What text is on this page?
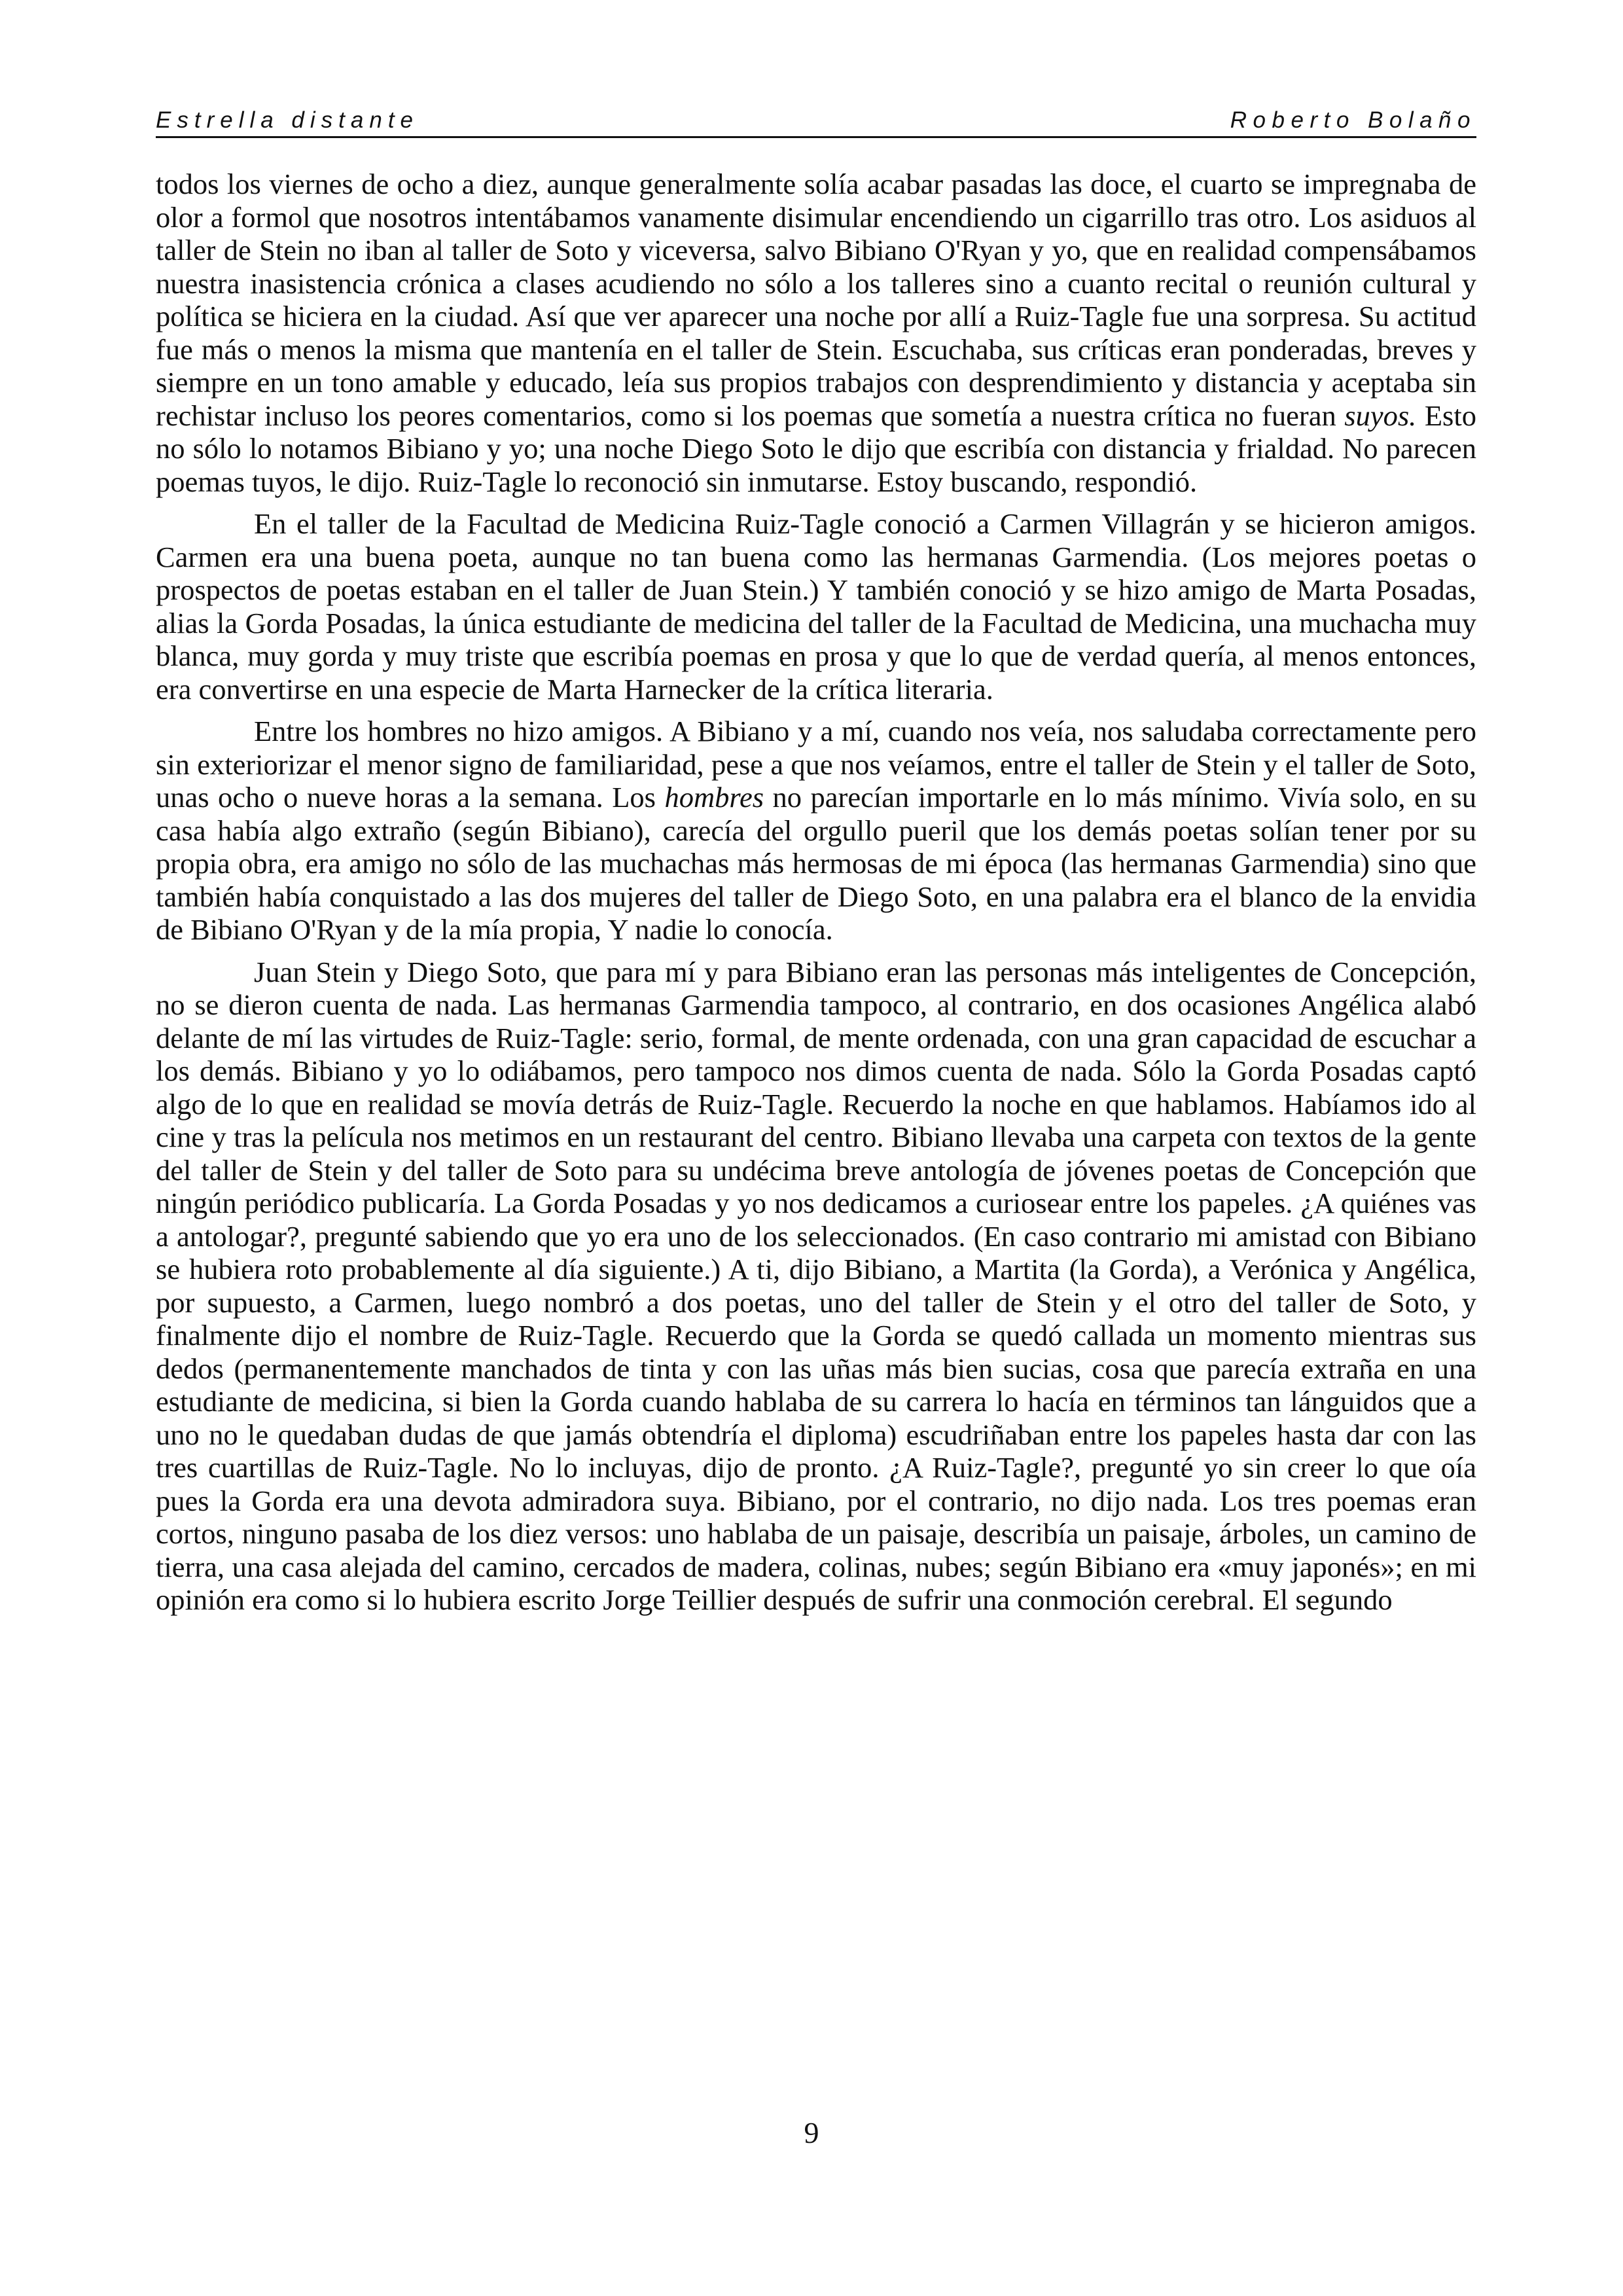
Estrella distante	Roberto Bolaño

todos los viernes de ocho a diez, aunque generalmente solía acabar pasadas las doce, el cuarto se impregnaba de olor a formol que nosotros intentábamos vanamente disimular encendiendo un cigarrillo tras otro. Los asiduos al taller de Stein no iban al taller de Soto y viceversa, salvo Bibiano O'Ryan y yo, que en realidad compensábamos nuestra inasistencia crónica a clases acudiendo no sólo a los talleres sino a cuanto recital o reunión cultural y política se hiciera en la ciudad. Así que ver aparecer una noche por allí a Ruiz-Tagle fue una sorpresa. Su actitud fue más o menos la misma que mantenía en el taller de Stein. Escuchaba, sus críticas eran ponderadas, breves y siempre en un tono amable y educado, leía sus propios trabajos con desprendimiento y distancia y aceptaba sin rechistar incluso los peores comentarios, como si los poemas que sometía a nuestra crítica no fueran suyos. Esto no sólo lo notamos Bibiano y yo; una noche Diego Soto le dijo que escribía con distancia y frialdad. No parecen poemas tuyos, le dijo. Ruiz-Tagle lo reconoció sin inmutarse. Estoy buscando, respondió.

En el taller de la Facultad de Medicina Ruiz-Tagle conoció a Carmen Villagrán y se hicieron amigos. Carmen era una buena poeta, aunque no tan buena como las hermanas Garmendia. (Los mejores poetas o prospectos de poetas estaban en el taller de Juan Stein.) Y también conoció y se hizo amigo de Marta Posadas, alias la Gorda Posadas, la única estudiante de medicina del taller de la Facultad de Medicina, una muchacha muy blanca, muy gorda y muy triste que escribía poemas en prosa y que lo que de verdad quería, al menos entonces, era convertirse en una especie de Marta Harnecker de la crítica literaria.

Entre los hombres no hizo amigos. A Bibiano y a mí, cuando nos veía, nos saludaba correctamente pero sin exteriorizar el menor signo de familiaridad, pese a que nos veíamos, entre el taller de Stein y el taller de Soto, unas ocho o nueve horas a la semana. Los hombres no parecían importarle en lo más mínimo. Vivía solo, en su casa había algo extraño (según Bibiano), carecía del orgullo pueril que los demás poetas solían tener por su propia obra, era amigo no sólo de las muchachas más hermosas de mi época (las hermanas Garmendia) sino que también había conquistado a las dos mujeres del taller de Diego Soto, en una palabra era el blanco de la envidia de Bibiano O'Ryan y de la mía propia, Y nadie lo conocía.

Juan Stein y Diego Soto, que para mí y para Bibiano eran las personas más inteligentes de Concepción, no se dieron cuenta de nada. Las hermanas Garmendia tampoco, al contrario, en dos ocasiones Angélica alabó delante de mí las virtudes de Ruiz-Tagle: serio, formal, de mente ordenada, con una gran capacidad de escuchar a los demás. Bibiano y yo lo odiábamos, pero tampoco nos dimos cuenta de nada. Sólo la Gorda Posadas captó algo de lo que en realidad se movía detrás de Ruiz-Tagle. Recuerdo la noche en que hablamos. Habíamos ido al cine y tras la película nos metimos en un restaurant del centro. Bibiano llevaba una carpeta con textos de la gente del taller de Stein y del taller de Soto para su undécima breve antología de jóvenes poetas de Concepción que ningún periódico publicaría. La Gorda Posadas y yo nos dedicamos a curiosear entre los papeles. ¿A quiénes vas a antologar?, pregunté sabiendo que yo era uno de los seleccionados. (En caso contrario mi amistad con Bibiano se hubiera roto probablemente al día siguiente.) A ti, dijo Bibiano, a Martita (la Gorda), a Verónica y Angélica, por supuesto, a Carmen, luego nombró a dos poetas, uno del taller de Stein y el otro del taller de Soto, y finalmente dijo el nombre de Ruiz-Tagle. Recuerdo que la Gorda se quedó callada un momento mientras sus dedos (permanentemente manchados de tinta y con las uñas más bien sucias, cosa que parecía extraña en una estudiante de medicina, si bien la Gorda cuando hablaba de su carrera lo hacía en términos tan lánguidos que a uno no le quedaban dudas de que jamás obtendría el diploma) escudriñaban entre los papeles hasta dar con las tres cuartillas de Ruiz-Tagle. No lo incluyas, dijo de pronto. ¿A Ruiz-Tagle?, pregunté yo sin creer lo que oía pues la Gorda era una devota admiradora suya. Bibiano, por el contrario, no dijo nada. Los tres poemas eran cortos, ninguno pasaba de los diez versos: uno hablaba de un paisaje, describía un paisaje, árboles, un camino de tierra, una casa alejada del camino, cercados de madera, colinas, nubes; según Bibiano era «muy japonés»; en mi opinión era como si lo hubiera escrito Jorge Teillier después de sufrir una conmoción cerebral. El segundo

9
